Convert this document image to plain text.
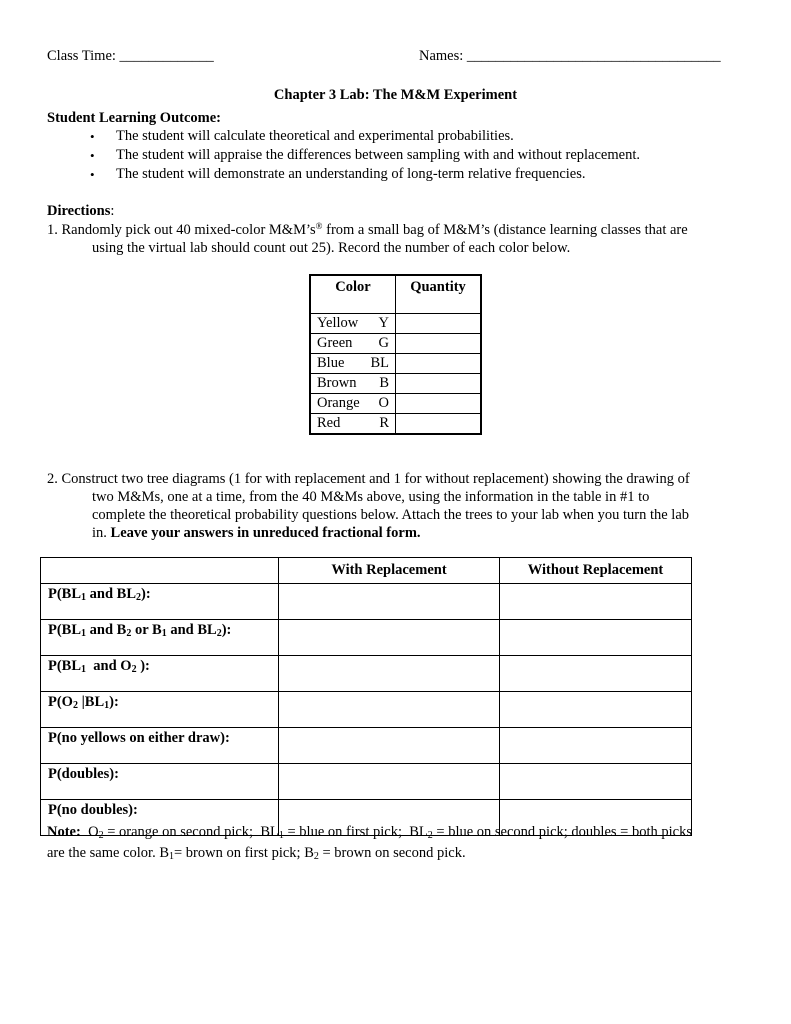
Class Time: _____________	Names: ___________________________________
Chapter 3 Lab: The M&M Experiment
Student Learning Outcome:
• The student will calculate theoretical and experimental probabilities.
• The student will appraise the differences between sampling with and without replacement.
• The student will demonstrate an understanding of long-term relative frequencies.
Directions:
1. Randomly pick out 40 mixed-color M&M’s® from a small bag of M&M’s (distance learning classes that are
using the virtual lab should count out 25). Record the number of each color below.
Color	Quantity

Yellow Y	

Green G	

Blue BL	

Brown B	

Orange O	

Red R	

2. Construct two tree diagrams (1 for with replacement and 1 for without replacement) showing the drawing of
two M&Ms, one at a time, from the 40 M&Ms above, using the information in the table in #1 to
complete the theoretical probability questions below. Attach the trees to your lab when you turn the lab
in. Leave your answers in unreduced fractional form.
	With Replacement	Without Replacement
$P(BL_1$ and $BL_2$):		
$P(BL_1$ and $B_2$ or $B_1$ and $BL_2$):		
$P(BL_1$  and $O_2$ ):		
$P(O_2$ $|BL_1$):		
P(no yellows on either draw):		
P(doubles):		
P(no doubles):		
Note: $O_2$ = orange on second pick;  $BL_1$ = blue on first pick;  $BL_2$ = blue on second pick; doubles = both picks
are the same color. $B_1=$ brown on first pick; $B_2$ = brown on second pick.
